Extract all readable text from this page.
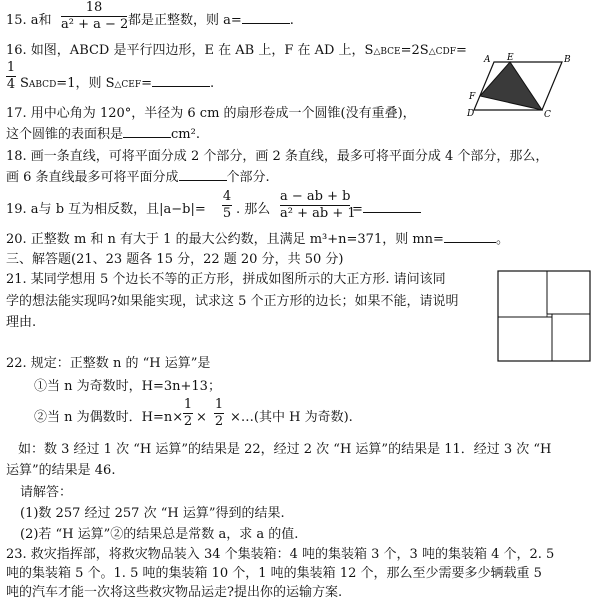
15. a和
18
a² + a − 2 都是正整数，则 a=	.
16. 如图，ABCD 是平行四边形，E 在 AB 上，F 在 AD 上，S△BCE=2S△CDF=
1
4 SABCD=1，则 S△CEF=	.
A E	B
F
D	C
17. 用中心角为 120°，半径为 6 cm 的扇形卷成一个圆锥(没有重叠)，
这个圆锥的表面积是	cm².
18. 画一条直线，可将平面分成 2 个部分，画 2 条直线，最多可将平面分成 4 个部分，那么，
画 6 条直线最多可将平面分成	个部分.
19. a与 b 互为相反数，且|a−b|=
4
5 . 那么
a − ab + b
a² + ab + 1
=
20. 正整数 m 和 n 有大于 1 的最大公约数，且满足 m³+n=371，则 mn=	。
三、解答题(21、23 题各 15 分，22 题 20 分，共 50 分)
21. 某同学想用 5 个边长不等的正方形，拼成如图所示的大正方形. 请问该同
学的想法能实现吗?如果能实现，试求这 5 个正方形的边长；如果不能，请说明
理由.
22. 规定：正整数 n 的 “H 运算”是
①当 n 为奇数时，H=3n+13；
②当 n 为偶数时．H=n×
1
2 ×
1
2 ×…(其中 H 为奇数).
如：数 3 经过 1 次 “H 运算”的结果是 22，经过 2 次 “H 运算”的结果是 11．经过 3 次 “H
运算”的结果是 46.
请解答：
(1)数 257 经过 257 次 “H 运算”得到的结果.
(2)若 “H 运算”②的结果总是常数 a，求 a 的值.
23. 救灾指挥部，将救灾物品装入 34 个集装箱：4 吨的集装箱 3 个，3 吨的集装箱 4 个，2. 5
吨的集装箱 5 个。1. 5 吨的集装箱 10 个，1 吨的集装箱 12 个，那么至少需要多少辆载重 5
吨的汽车才能一次将这些救灾物品运走?提出你的运输方案.
